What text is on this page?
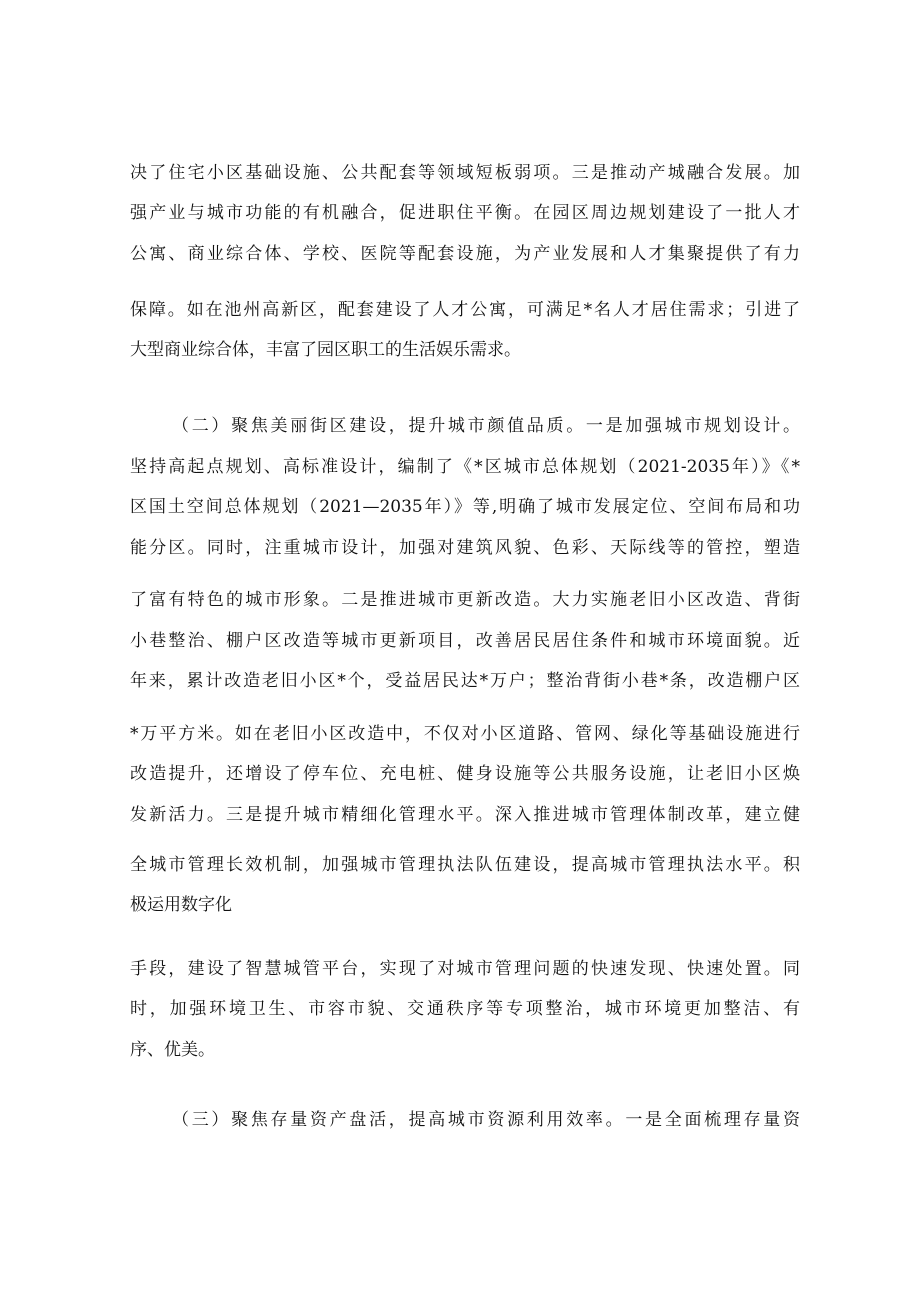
决了住宅小区基础设施、公共配套等领域短板弱项。三是推动产城融合发展。加
强产业与城市功能的有机融合，促进职住平衡。在园区周边规划建设了一批人才
公寓、商业综合体、学校、医院等配套设施，为产业发展和人才集聚提供了有力
保障。如在池州高新区，配套建设了人才公寓，可满足*名人才居住需求；引进了
大型商业综合体，丰富了园区职工的生活娱乐需求。
（二）聚焦美丽街区建设，提升城市颜值品质。一是加强城市规划设计。
坚持高起点规划、高标准设计，编制了《*区城市总体规划（2021-2035年）》《*
区国土空间总体规划（2021—2035年）》等,明确了城市发展定位、空间布局和功
能分区。同时，注重城市设计，加强对建筑风貌、色彩、天际线等的管控，塑造
了富有特色的城市形象。二是推进城市更新改造。大力实施老旧小区改造、背街
小巷整治、棚户区改造等城市更新项目，改善居民居住条件和城市环境面貌。近
年来，累计改造老旧小区*个，受益居民达*万户；整治背街小巷*条，改造棚户区
*万平方米。如在老旧小区改造中，不仅对小区道路、管网、绿化等基础设施进行
改造提升，还增设了停车位、充电桩、健身设施等公共服务设施，让老旧小区焕
发新活力。三是提升城市精细化管理水平。深入推进城市管理体制改革，建立健
全城市管理长效机制，加强城市管理执法队伍建设，提高城市管理执法水平。积
极运用数字化
手段，建设了智慧城管平台，实现了对城市管理问题的快速发现、快速处置。同
时，加强环境卫生、市容市貌、交通秩序等专项整治，城市环境更加整洁、有
序、优美。
（三）聚焦存量资产盘活，提高城市资源利用效率。一是全面梳理存量资
